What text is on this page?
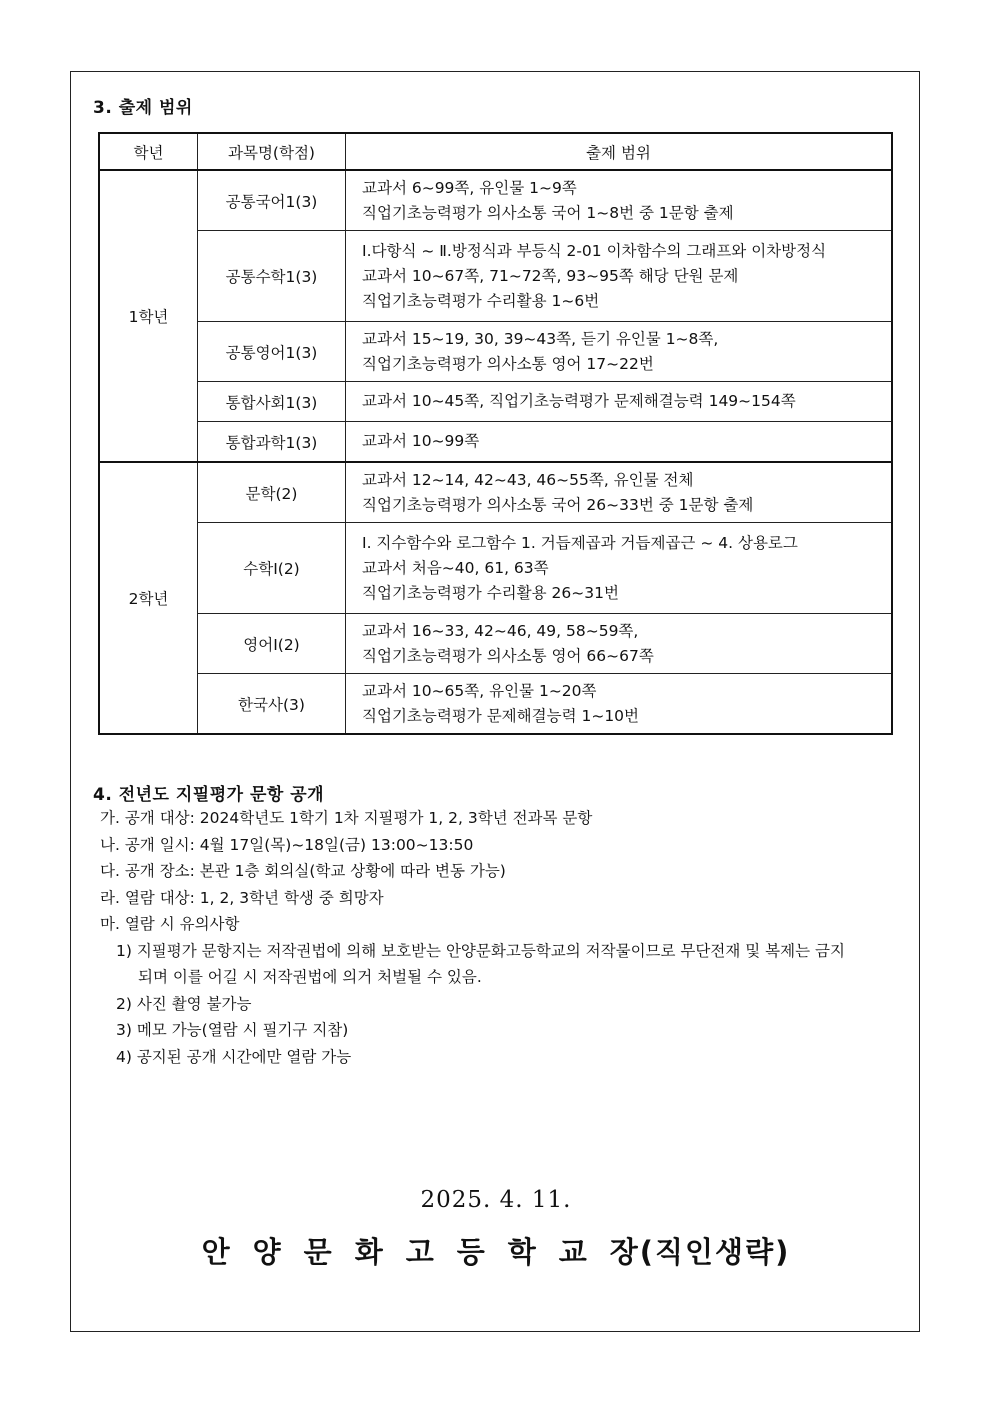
3. 출제 범위
학년	과목명(학점)	출제 범위
1학년	공통국어1(3)	교과서 6~99쪽, 유인물 1~9쪽
직업기초능력평가 의사소통 국어 1~8번 중 1문항 출제

	공통수학1(3)	Ⅰ.다항식 ~ Ⅱ.방정식과 부등식 2-01 이차함수의 그래프와 이차방정식
교과서 10~67쪽, 71~72쪽, 93~95쪽 해당 단원 문제
직업기초능력평가 수리활용 1~6번

	공통영어1(3)	교과서 15~19, 30, 39~43쪽, 듣기 유인물 1~8쪽,
직업기초능력평가 의사소통 영어 17~22번

	통합사회1(3)	교과서 10~45쪽, 직업기초능력평가 문제해결능력 149~154쪽

	통합과학1(3)	교과서 10~99쪽

2학년	문학(2)	교과서 12~14, 42~43, 46~55쪽, 유인물 전체
직업기초능력평가 의사소통 국어 26~33번 중 1문항 출제

	수학Ⅰ(2)	I. 지수함수와 로그함수 1. 거듭제곱과 거듭제곱근 ~ 4. 상용로그
교과서 처음~40, 61, 63쪽
직업기초능력평가 수리활용 26~31번

	영어Ⅰ(2)	교과서 16~33, 42~46, 49, 58~59쪽,
직업기초능력평가 의사소통 영어 66~67쪽

	한국사(3)	교과서 10~65쪽, 유인물 1~20쪽
직업기초능력평가 문제해결능력 1~10번
4. 전년도 지필평가 문항 공개
가. 공개 대상: 2024학년도 1학기 1차 지필평가 1, 2, 3학년 전과목 문항
나. 공개 일시: 4월 17일(목)~18일(금) 13:00~13:50
다. 공개 장소: 본관 1층 회의실(학교 상황에 따라 변동 가능)
라. 열람 대상: 1, 2, 3학년 학생 중 희망자
마. 열람 시 유의사항
1) 지필평가 문항지는 저작권법에 의해 보호받는 안양문화고등학교의 저작물이므로 무단전재 및 복제는 금지
되며 이를 어길 시 저작권법에 의거 처벌될 수 있음.
2) 사진 촬영 불가능
3) 메모 가능(열람 시 필기구 지참)
4) 공지된 공개 시간에만 열람 가능
2025. 4. 11.
안 양 문 화 고 등 학 교 장(직인생략)
